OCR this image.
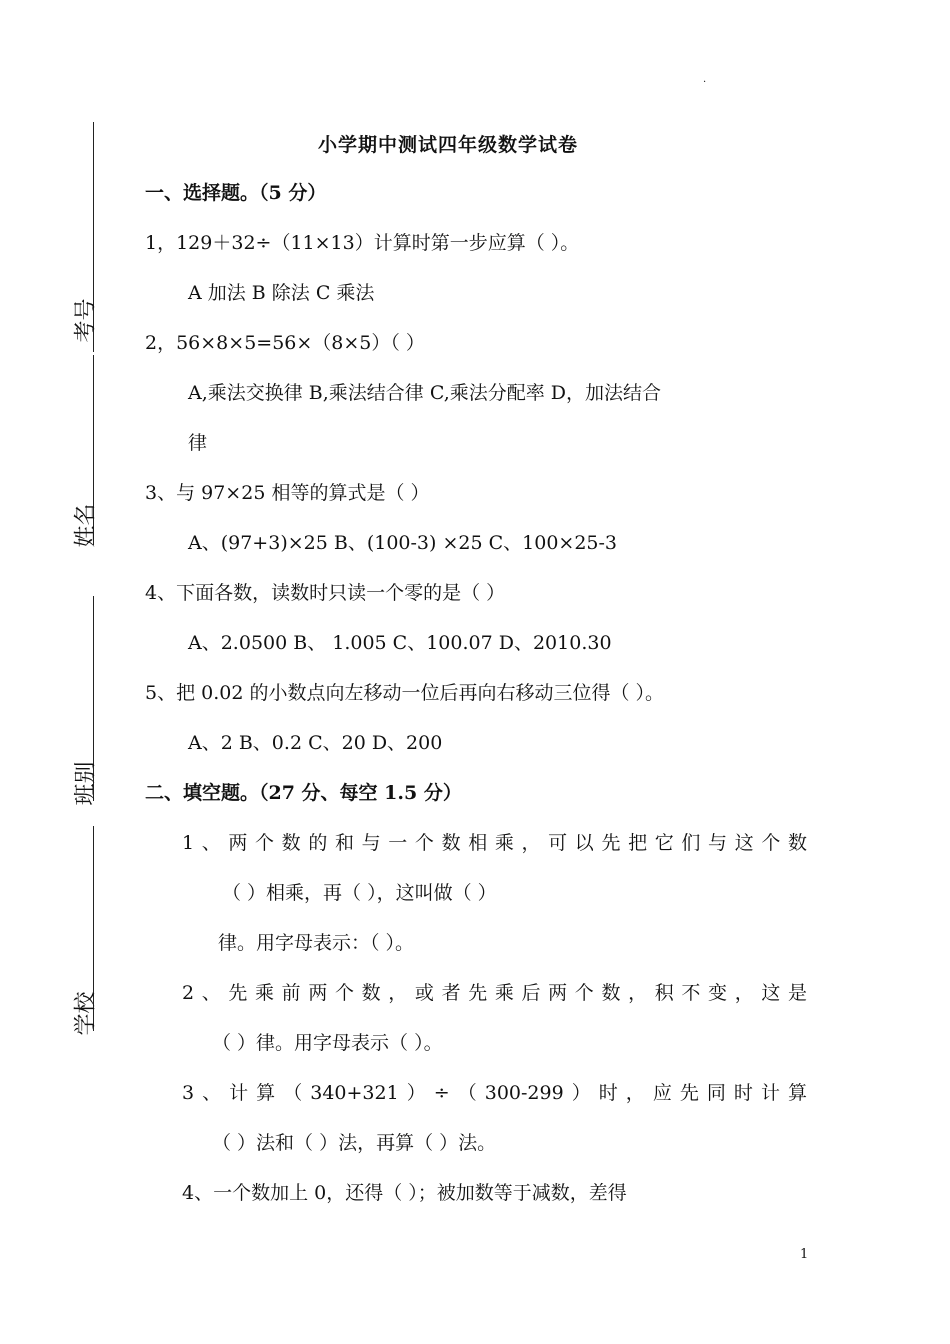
.
考号
姓名
班别
学校
小学期中测试四年级数学试卷
一、选择题。（5 分）
1，129＋32÷（11×13）计算时第一步应算（ ）。
A 加法 B 除法 C 乘法
2，56×8×5=56×（8×5）（ ）
A,乘法交换律 B,乘法结合律 C,乘法分配率 D，加法结合
律
3、与 97×25 相等的算式是（ ）
A、(97+3)×25 B、(100-3) ×25 C、100×25-3
4、下面各数，读数时只读一个零的是（ ）
A、2.0500 B、 1.005 C、100.07 D、2010.30
5、把 0.02 的小数点向左移动一位后再向右移动三位得（ ）。
A、2 B、0.2 C、20 D、200
二、填空题。（27 分、每空 1.5 分）
1、两个数的和与一个数相乘，可以先把它们与这个数
（ ）相乘，再（ ），这叫做（ ）
律。用字母表示：（ ）。
2、先乘前两个数，或者先乘后两个数，积不变，这是
（ ）律。用字母表示（ ）。
3、计算（340+321）÷（300-299）时，应先同时计算
（ ）法和（ ）法，再算（ ）法。
4、一个数加上 0，还得（ ）；被加数等于减数，差得
1
